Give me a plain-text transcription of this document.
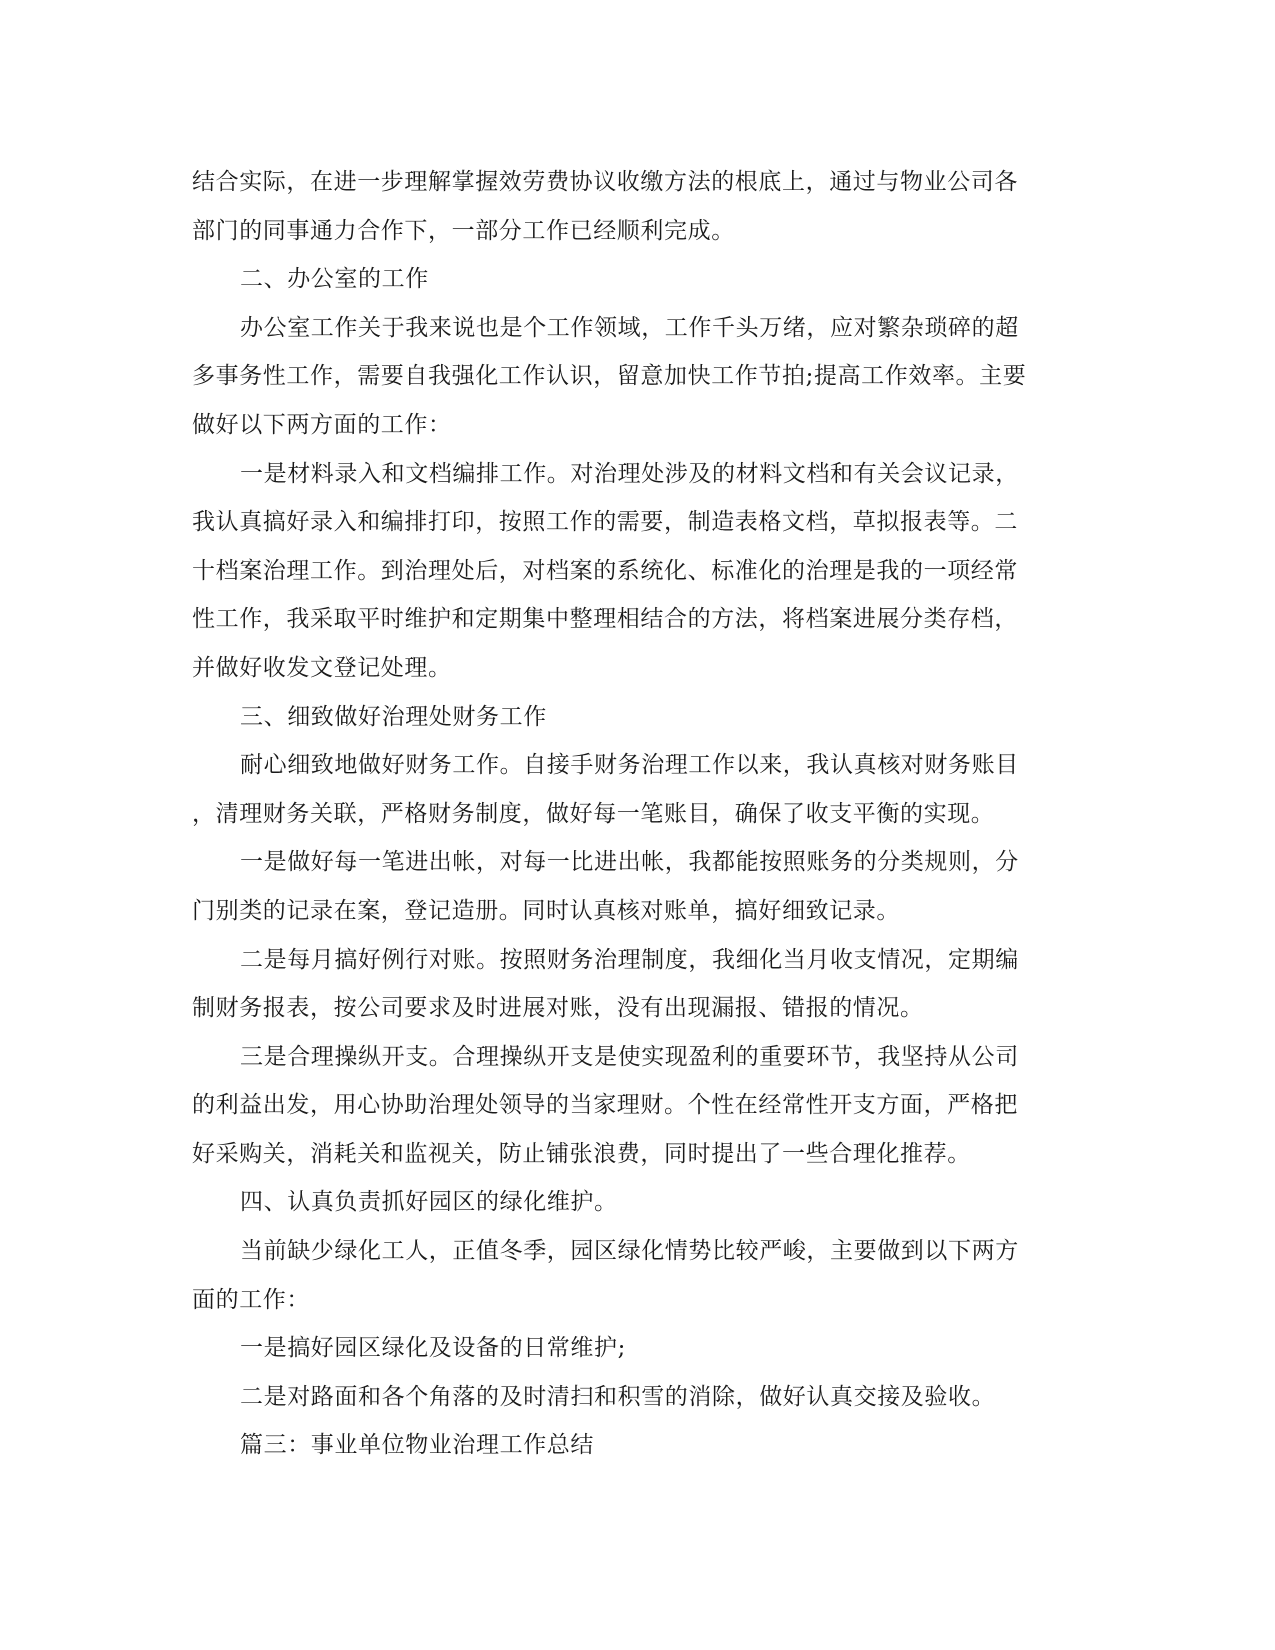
结合实际，在进一步理解掌握效劳费协议收缴方法的根底上，通过与物业公司各
部门的同事通力合作下，一部分工作已经顺利完成。
二、办公室的工作
办公室工作关于我来说也是个工作领域，工作千头万绪，应对繁杂琐碎的超
多事务性工作，需要自我强化工作认识，留意加快工作节拍;提高工作效率。主要
做好以下两方面的工作：
一是材料录入和文档编排工作。对治理处涉及的材料文档和有关会议记录，
我认真搞好录入和编排打印，按照工作的需要，制造表格文档，草拟报表等。二
十档案治理工作。到治理处后，对档案的系统化、标准化的治理是我的一项经常
性工作，我采取平时维护和定期集中整理相结合的方法，将档案进展分类存档，
并做好收发文登记处理。
三、细致做好治理处财务工作
耐心细致地做好财务工作。自接手财务治理工作以来，我认真核对财务账目
，清理财务关联，严格财务制度，做好每一笔账目，确保了收支平衡的实现。
一是做好每一笔进出帐，对每一比进出帐，我都能按照账务的分类规则，分
门别类的记录在案，登记造册。同时认真核对账单，搞好细致记录。
二是每月搞好例行对账。按照财务治理制度，我细化当月收支情况，定期编
制财务报表，按公司要求及时进展对账，没有出现漏报、错报的情况。
三是合理操纵开支。合理操纵开支是使实现盈利的重要环节，我坚持从公司
的利益出发，用心协助治理处领导的当家理财。个性在经常性开支方面，严格把
好采购关，消耗关和监视关，防止铺张浪费，同时提出了一些合理化推荐。
四、认真负责抓好园区的绿化维护。
当前缺少绿化工人，正值冬季，园区绿化情势比较严峻，主要做到以下两方
面的工作：
一是搞好园区绿化及设备的日常维护;
二是对路面和各个角落的及时清扫和积雪的消除，做好认真交接及验收。
篇三：事业单位物业治理工作总结
